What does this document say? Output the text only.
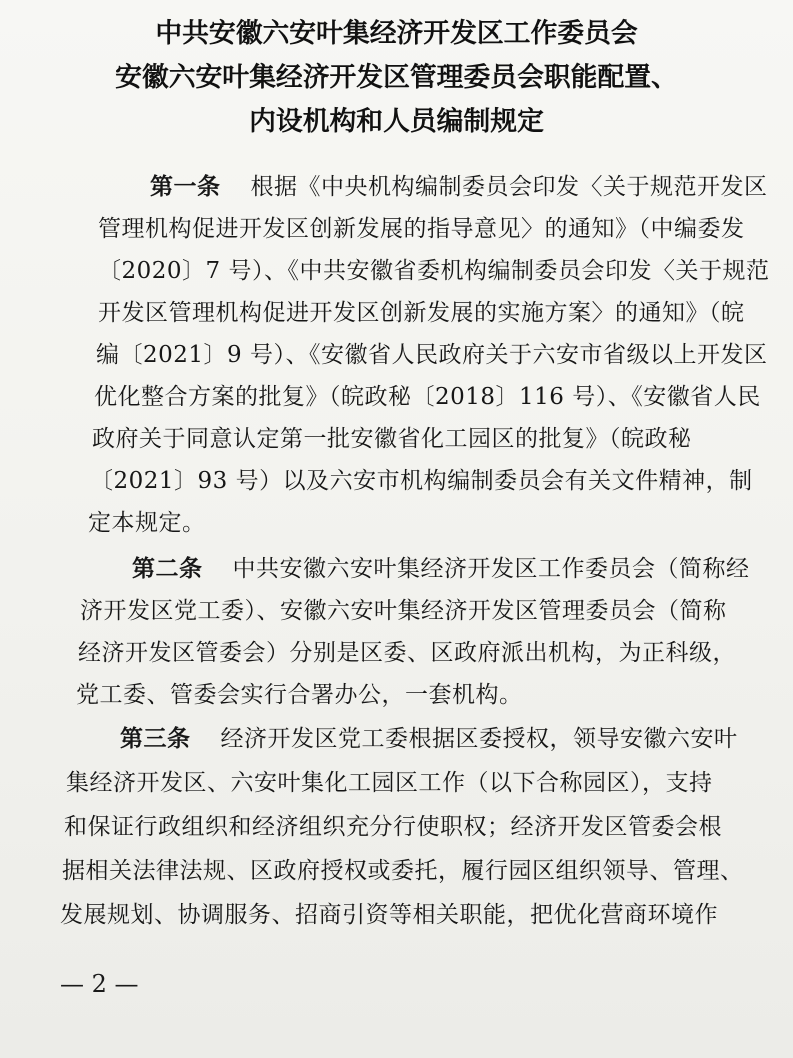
中共安徽六安叶集经济开发区工作委员会
安徽六安叶集经济开发区管理委员会职能配置、
内设机构和人员编制规定
第一条 根据《中央机构编制委员会印发〈关于规范开发区
管理机构促进开发区创新发展的指导意见〉的通知》（中编委发
〔2020〕7 号）、《中共安徽省委机构编制委员会印发〈关于规范
开发区管理机构促进开发区创新发展的实施方案〉的通知》（皖
编〔2021〕9 号）、《安徽省人民政府关于六安市省级以上开发区
优化整合方案的批复》（皖政秘〔2018〕116 号）、《安徽省人民
政府关于同意认定第一批安徽省化工园区的批复》（皖政秘
〔2021〕93 号）以及六安市机构编制委员会有关文件精神，制
定本规定。
第二条 中共安徽六安叶集经济开发区工作委员会（简称经
济开发区党工委）、安徽六安叶集经济开发区管理委员会（简称
经济开发区管委会）分别是区委、区政府派出机构，为正科级，
党工委、管委会实行合署办公，一套机构。
第三条 经济开发区党工委根据区委授权，领导安徽六安叶
集经济开发区、六安叶集化工园区工作（以下合称园区），支持
和保证行政组织和经济组织充分行使职权；经济开发区管委会根
据相关法律法规、区政府授权或委托，履行园区组织领导、管理、
发展规划、协调服务、招商引资等相关职能，把优化营商环境作
— 2 —
